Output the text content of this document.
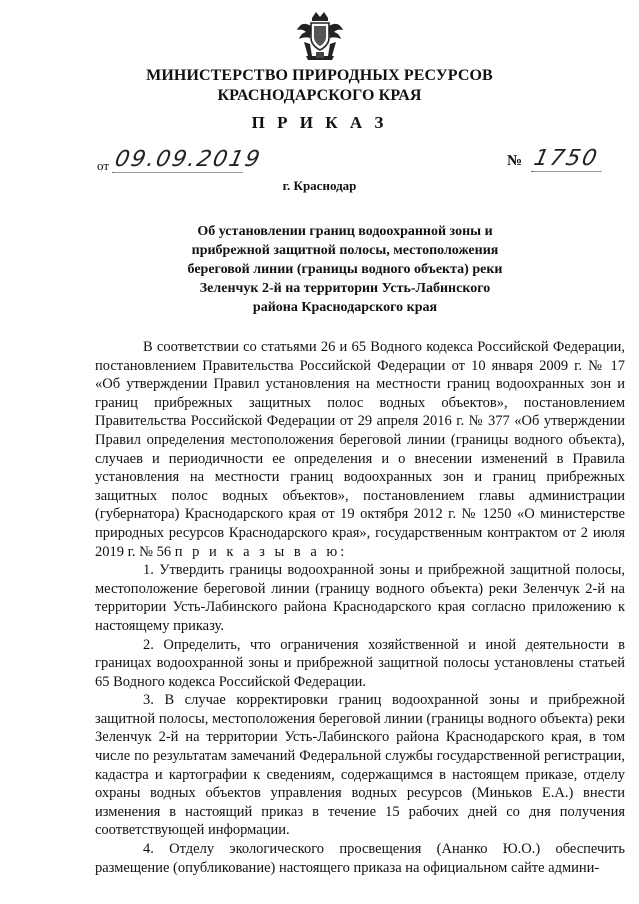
МИНИСТЕРСТВО ПРИРОДНЫХ РЕСУРСОВ
КРАСНОДАРСКОГО КРАЯ
П Р И К А З
от 09.09.2019	№ 1750
г. Краснодар
Об установлении границ водоохранной зоны и
прибрежной защитной полосы, местоположения
береговой линии (границы водного объекта) реки
Зеленчук 2-й на территории Усть-Лабинского
района Краснодарского края

В соответствии со статьями 26 и 65 Водного кодекса Российской Федерации, постановлением Правительства Российской Федерации от 10 января 2009 г. № 17 «Об утверждении Правил установления на местности границ водоохранных зон и границ прибрежных защитных полос водных объектов», постановлением Правительства Российской Федерации от 29 апреля 2016 г. № 377 «Об утверждении Правил определения местоположения береговой линии (границы водного объекта), случаев и периодичности ее определения и о внесении изменений в Правила установления на местности границ водоохранных зон и границ прибрежных защитных полос водных объектов», постановлением главы администрации (губернатора) Краснодарского края от 19 октября 2012 г. № 1250 «О министерстве природных ресурсов Краснодарского края», государственным контрактом от 2 июля 2019 г. № 56 п р и к а з ы в а ю:

1. Утвердить границы водоохранной зоны и прибрежной защитной полосы, местоположение береговой линии (границу водного объекта) реки Зеленчук 2-й на территории Усть-Лабинского района Краснодарского края согласно приложению к настоящему приказу.

2. Определить, что ограничения хозяйственной и иной деятельности в границах водоохранной зоны и прибрежной защитной полосы установлены статьей 65 Водного кодекса Российской Федерации.

3. В случае корректировки границ водоохранной зоны и прибрежной защитной полосы, местоположения береговой линии (границы водного объекта) реки Зеленчук 2-й на территории Усть-Лабинского района Краснодарского края, в том числе по результатам замечаний Федеральной службы государственной регистрации, кадастра и картографии к сведениям, содержащимся в настоящем приказе, отделу охраны водных объектов управления водных ресурсов (Миньков Е.А.) внести изменения в настоящий приказ в течение 15 рабочих дней со дня получения соответствующей информации.

4. Отделу экологического просвещения (Ананко Ю.О.) обеспечить размещение (опубликование) настоящего приказа на официальном сайте админи-
